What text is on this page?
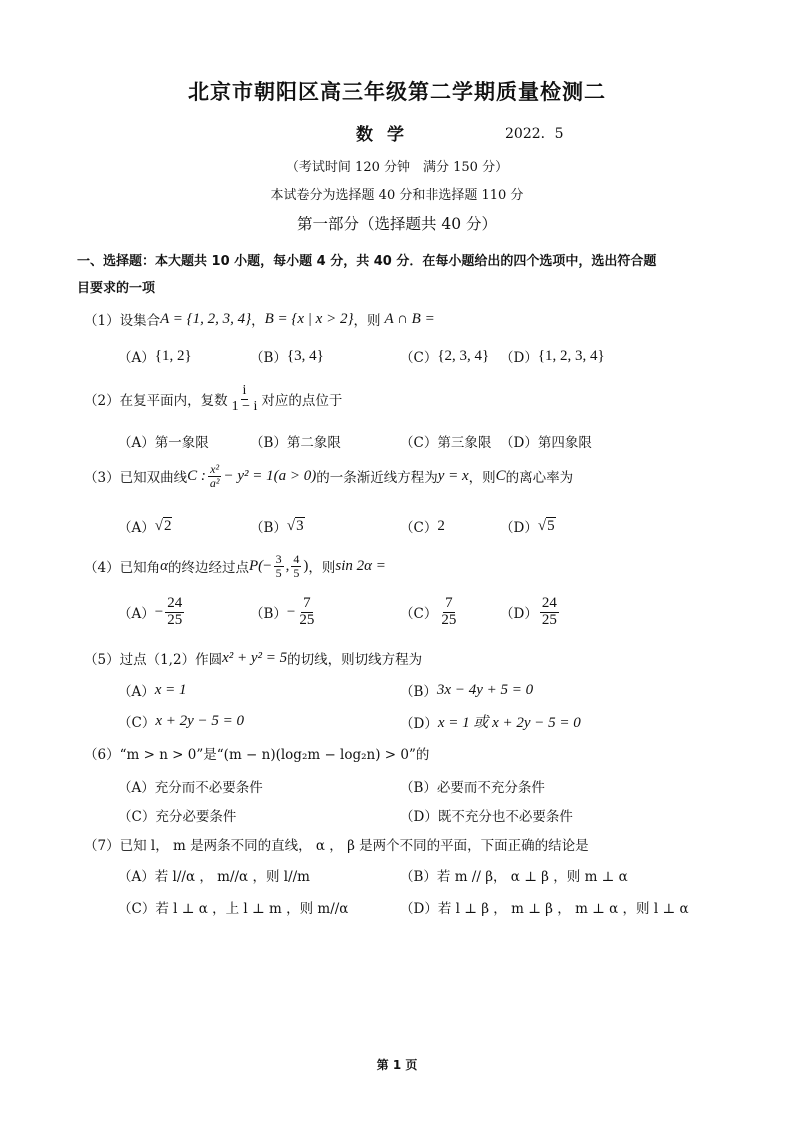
北京市朝阳区高三年级第二学期质量检测二
数学	2022．5
（考试时间 120 分钟　满分 150 分）
本试卷分为选择题 40 分和非选择题 110 分
第一部分（选择题共 40 分）
一、选择题：本大题共 10 小题，每小题 4 分，共 40 分．在每小题给出的四个选项中，选出符合题
目要求的一项
（1） 设集合 A = {1, 2, 3, 4} ， B = {x | x > 2} ，则 A ∩ B =
（A） {1, 2}	（B） {3, 4}	（C） {2, 3, 4} （D） {1, 2, 3, 4}
（2） 在复平面内，复数 $\frac{i}{1 - i}$ 对应的点位于
（A） 第一象限	（B） 第二象限	（C） 第三象限 （D） 第四象限
（3） 已知双曲线 C : $\frac{\text{x²}}{\text{a²}} - y^2 = 1(a > 0)$ 的一条渐近线方程为 y = x ，则 C 的离心率为
（A） √2	（B） √3	（C） 2	（D） √5
（4） 已知角 α 的终边经过点 $P( - \frac{3}{5}$ , $\frac{4}{5}$ ) ，则 sin 2α =
$(A) - \frac{24}{25}$	$(B) - \frac{7}{25}$	$(C) \frac{7}{25}$	$(D) \frac{24}{25}$
（5） 过点（1,2）作圆 x² + y² = 5 的切线，则切线方程为
（A） x = 1	（B） 3x − 4y + 5 = 0
（C） x + 2y − 5 = 0	（D） x = 1 或 x + 2y − 5 = 0
（6） “m > n > 0”是“(m − n)(log₂m − log₂n) > 0”的
（A） 充分而不必要条件	（B） 必要而不充分条件
（C） 充分必要条件	（D） 既不充分也不必要条件
（7） 已知 l， m 是两条不同的直线， α ， β 是两个不同的平面，下面正确的结论是
（A） 若 l//α ， m//α ，则 l//m	（B） 若 m // β， α ⊥ β ，则 m ⊥ α
（C） 若 l ⊥ α ，上 l ⊥ m ，则 m//α	（D） 若 l ⊥ β ， m ⊥ β ， m ⊥ α ，则 l ⊥ α
第 1 页
